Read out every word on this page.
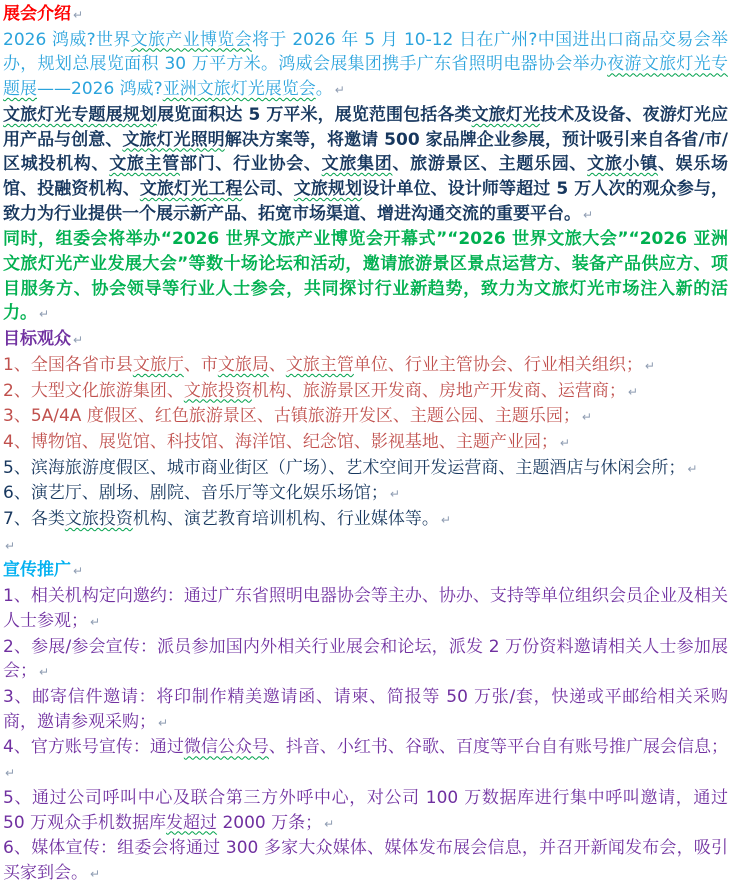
展会介绍 ↵

2026 鸿威?世界文旅产业博览会将于 2026 年 5 月 10-12 日在广州?中国进出口商品交易会举办，规划总展览面积 30 万平方米。鸿威会展集团携手广东省照明电器协会举办夜游文旅灯光专题展——2026 鸿威?亚洲文旅灯光展览会。 ↵

文旅灯光专题展规划展览面积达 5 万平米，展览范围包括各类文旅灯光技术及设备、夜游灯光应用产品与创意、文旅灯光照明解决方案等，将邀请 500 家品牌企业参展，预计吸引来自各省/市/区城投机构、文旅主管部门、行业协会、文旅集团、旅游景区、主题乐园、文旅小镇、娱乐场馆、投融资机构、文旅灯光工程公司、文旅规划设计单位、设计师等超过 5 万人次的观众参与，致力为行业提供一个展示新产品、拓宽市场渠道、增进沟通交流的重要平台。 ↵

同时，组委会将举办“2026 世界文旅产业博览会开幕式”“2026 世界文旅大会”“2026 亚洲文旅灯光产业发展大会”等数十场论坛和活动，邀请旅游景区景点运营方、装备产品供应方、项目服务方、协会领导等行业人士参会，共同探讨行业新趋势，致力为文旅灯光市场注入新的活力。 ↵

目标观众 ↵

1、全国各省市县文旅厅、市文旅局、文旅主管单位、行业主管协会、行业相关组织； ↵

2、大型文化旅游集团、文旅投资机构、旅游景区开发商、房地产开发商、运营商； ↵

3、5A/4A 度假区、红色旅游景区、古镇旅游开发区、主题公园、主题乐园； ↵

4、博物馆、展览馆、科技馆、海洋馆、纪念馆、影视基地、主题产业园； ↵

5、滨海旅游度假区、城市商业街区（广场）、艺术空间开发运营商、主题酒店与休闲会所； ↵

6、演艺厅、剧场、剧院、音乐厅等文化娱乐场馆； ↵

7、各类文旅投资机构、演艺教育培训机构、行业媒体等。 ↵

↵

宣传推广 ↵

1、相关机构定向邀约：通过广东省照明电器协会等主办、协办、支持等单位组织会员企业及相关人士参观； ↵

2、参展/参会宣传：派员参加国内外相关行业展会和论坛，派发 2 万份资料邀请相关人士参加展会； ↵

3、邮寄信件邀请：将印制作精美邀请函、请柬、简报等 50 万张/套，快递或平邮给相关采购商，邀请参观采购； ↵

4、官方账号宣传：通过微信公众号、抖音、小红书、谷歌、百度等平台自有账号推广展会信息；↵

5、通过公司呼叫中心及联合第三方外呼中心，对公司 100 万数据库进行集中呼叫邀请，通过 50 万观众手机数据库发超过 2000 万条； ↵

6、媒体宣传：组委会将通过 300 多家大众媒体、媒体发布展会信息，并召开新闻发布会，吸引买家到会。 ↵
